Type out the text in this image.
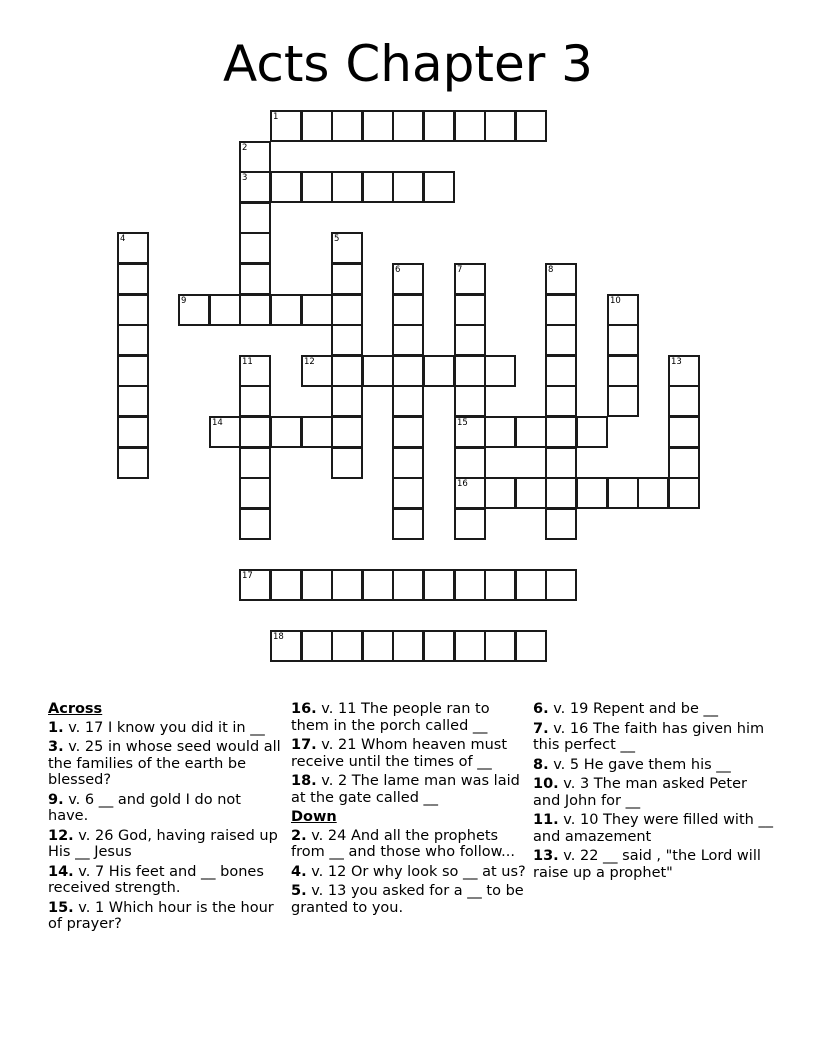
Acts Chapter 3
1
2
3
4	5
6	7
15
16
8
9	10
11	12	13
14
17
18
Across
1. v. 17 I know you did it in __
3. v. 25 in whose seed would all the families of the earth be blessed?
9. v. 6 __ and gold I do not have.
12. v. 26 God, having raised up His __ Jesus
14. v. 7 His feet and __ bones received strength.
15. v. 1 Which hour is the hour of prayer?
16. v. 11 The people ran to them in the porch called __
17. v. 21 Whom heaven must receive until the times of __
18. v. 2 The lame man was laid at the gate called __
Down
2. v. 24 And all the prophets from __ and those who follow...
4. v. 12 Or why look so __ at us?
5. v. 13 you asked for a __ to be granted to you.
6. v. 19 Repent and be __
7. v. 16 The faith has given him this perfect __
8. v. 5 He gave them his __
10. v. 3 The man asked Peter and John for __
11. v. 10 They were filled with __ and amazement
13. v. 22 __ said , "the Lord will raise up a prophet"
